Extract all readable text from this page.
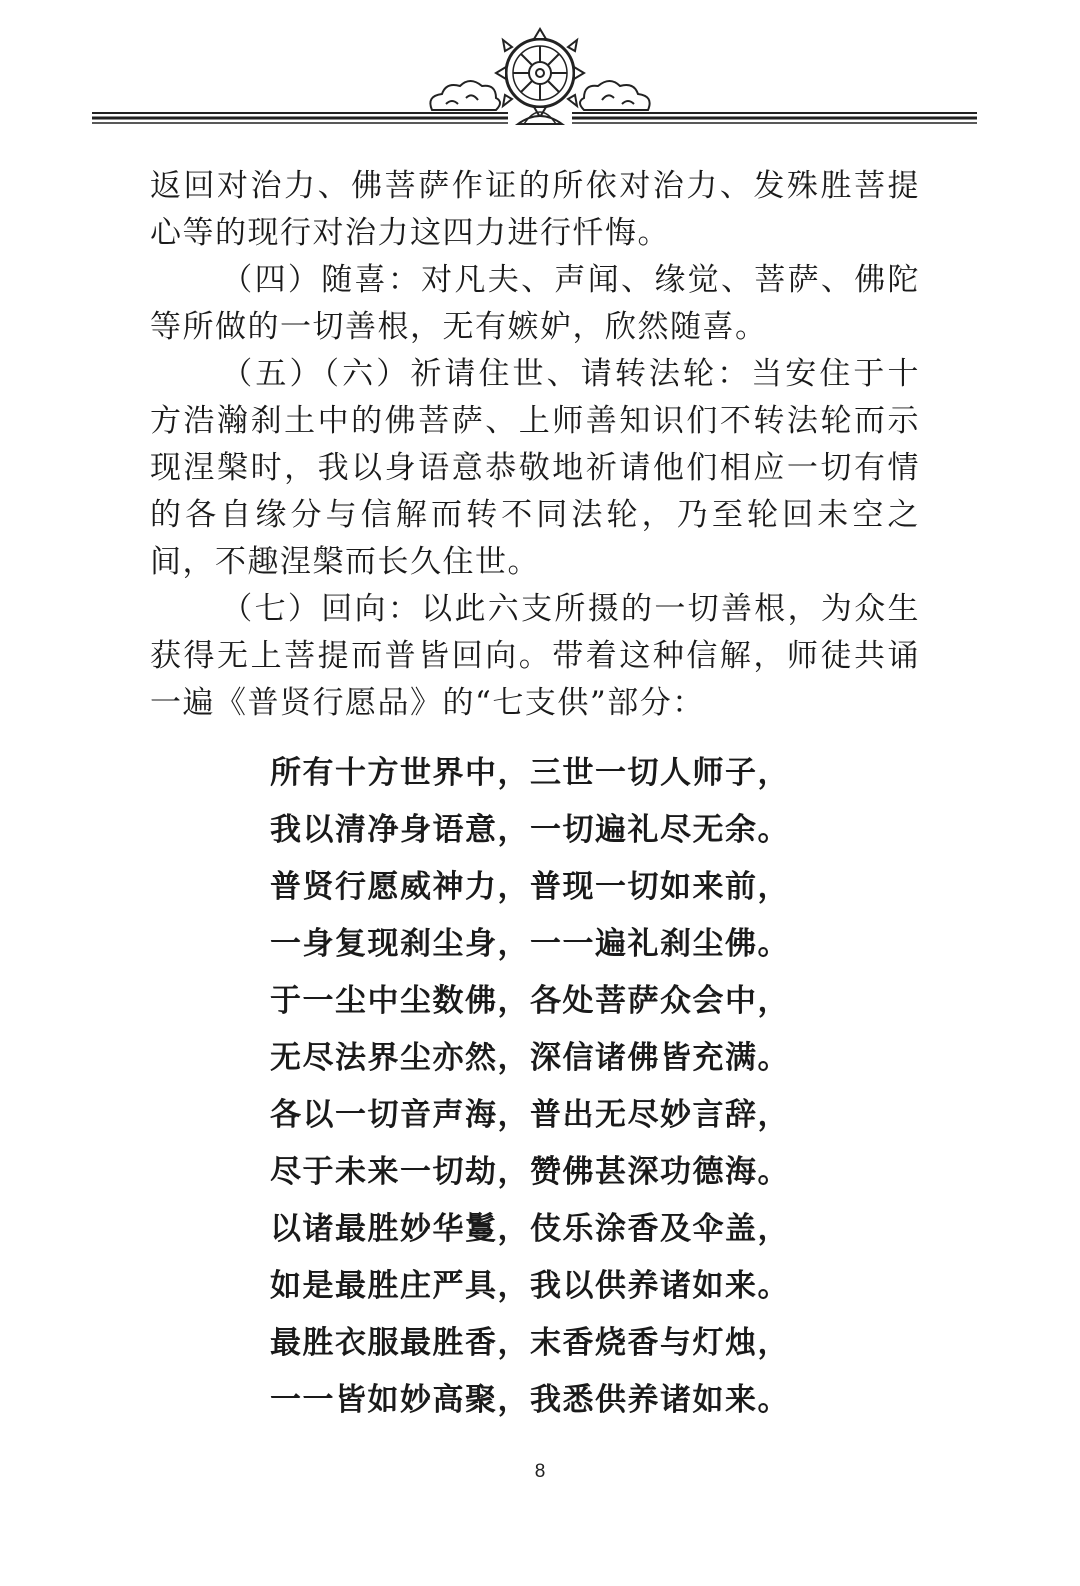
返回对治力、佛菩萨作证的所依对治力、发殊胜菩提心等的现行对治力这四力进行忏悔。

（四）随喜：对凡夫、声闻、缘觉、菩萨、佛陀等所做的一切善根，无有嫉妒，欣然随喜。

（五）（六）祈请住世、请转法轮：当安住于十方浩瀚刹土中的佛菩萨、上师善知识们不转法轮而示现涅槃时，我以身语意恭敬地祈请他们相应一切有情的各自缘分与信解而转不同法轮，乃至轮回未空之间，不趣涅槃而长久住世。

（七）回向：以此六支所摄的一切善根，为众生获得无上菩提而普皆回向。带着这种信解，师徒共诵一遍《普贤行愿品》的“七支供”部分：

所有十方世界中，三世一切人师子，

我以清净身语意，一切遍礼尽无余。

普贤行愿威神力，普现一切如来前，

一身复现刹尘身，一一遍礼刹尘佛。

于一尘中尘数佛，各处菩萨众会中，

无尽法界尘亦然，深信诸佛皆充满。

各以一切音声海，普出无尽妙言辞，

尽于未来一切劫，赞佛甚深功德海。

以诸最胜妙华鬘，伎乐涂香及伞盖，

如是最胜庄严具，我以供养诸如来。

最胜衣服最胜香，末香烧香与灯烛，

一一皆如妙高聚，我悉供养诸如来。

8
